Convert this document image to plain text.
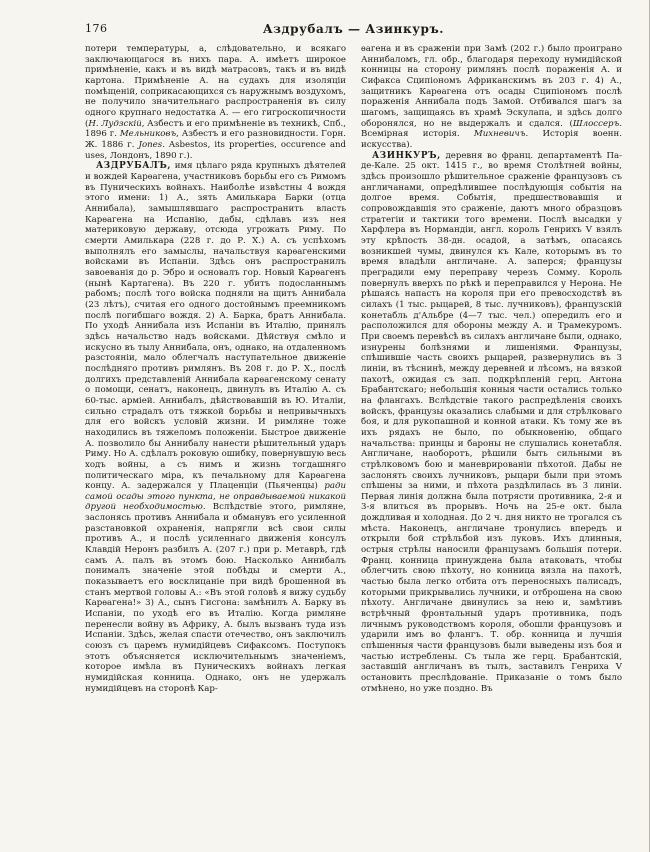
176	Аздрубалъ — Азинкуръ.

потери температуры, а, слѣдовательно, и всякаго заключающагося въ нихъ пара. А. имѣетъ широкое примѣненіе, какъ и въ видѣ матрасовъ, такъ и въ видѣ картона. Примѣненіе А. на судахъ для изоляціи помѣщеній, соприкасающихся съ наружнымъ воздухомъ, не получило значительнаго распространенія въ силу одного крупнаго недостатка А. — его гигроскопичности (Н. Лудзскій, Азбестъ и его примѣненіе въ техникѣ, Спб., 1896 г. Мельниковъ, Азбестъ и его разновидности. Горн. Ж. 1886 г. Jones. Asbestos, its properties, occurence and uses, Лондонъ, 1890 г.).

АЗДРУБАЛЪ, имя цѣлаго ряда крупныхъ дѣятелей и вождей Карѳагена, участниковъ борьбы его съ Римомъ въ Пуническихъ войнахъ. Наиболѣе извѣстны 4 вождя этого имени: 1) А., зять Амилькара Барки (отца Аннибала), замышлявшаго распространить власть Карѳагена на Испанію, дабы, сдѣлавъ изъ нея материковую державу, отсюда угрожать Риму. По смерти Амилькара (228 г. до Р. Х.) А. съ успѣхомъ выполнялъ его замыслы, начальствуя карѳагенскими войсками въ Испаніи. Здѣсь онъ распространилъ завоеванія до р. Эбро и основалъ гор. Новый Карѳагенъ (нынѣ Картагена). Въ 220 г. убитъ подосланнымъ рабомъ; послѣ того войска подняли на щитъ Аннибала (23 лѣтъ), считая его одного достойнымъ преемникомъ послѣ погибшаго вождя. 2) А. Барка, братъ Аннибала. По уходѣ Аннибала изъ Испаніи въ Италію, принялъ здѣсь начальство надъ войсками. Дѣйствуя смѣло и искусно въ тылу Аннибала, онъ, однако, на отдаленномъ разстояніи, мало облегчалъ наступательное движеніе послѣдняго противъ римлянъ. Въ 208 г. до Р. Х., послѣ долгихъ представленій Аннибала карѳагенскому сенату о помощи, сенатъ, наконецъ, двинулъ въ Италію А. съ 60-тыс. арміей. Аннибалъ, дѣйствовавшій въ Ю. Италіи, сильно страдалъ отъ тяжкой борьбы и непривычныхъ для его войскъ условій жизни. И римляне тоже находились въ тяжеломъ положеніи. Быстрое движеніе А. позволило бы Аннибалу нанести рѣшительный ударъ Риму. Но А. сдѣлалъ роковую ошибку, повернувшую весь ходъ войны, а съ нимъ и жизнь тогдашняго политическаго міра, къ печальному для Карѳагена концу. А. задержался у Плаценціи (Пьяченцы) ради самой осады этого пункта, не оправдываемой никакой другой необходимостью. Вслѣдствіе этого, римляне, заслонясь противъ Аннибала и обманувъ его усиленной разстановкой охраненія, напрягли всѣ свои силы противъ А., и послѣ усиленнаго движенія консулъ Клавдій Неронъ разбилъ А. (207 г.) при р. Метаврѣ, гдѣ самъ А. палъ въ этомъ бою. Насколько Аннибалъ понималъ значеніе этой побѣды и смерти А., показываетъ его восклицаніе при видѣ брошенной въ станъ мертвой головы А.: «Въ этой головѣ я вижу судьбу Карѳагена!» 3) А., сынъ Гисгона: замѣнилъ А. Барку въ Испаніи, по уходѣ его въ Италію. Когда римляне перенесли войну въ Африку, А. былъ вызванъ туда изъ Испаніи. Здѣсь, желая спасти отечество, онъ заключилъ союзъ съ царемъ нумидійцевъ Сифаксомъ. Поступокъ этотъ объясняется исключительнымъ значеніемъ, которое имѣла въ Пуническихъ войнахъ легкая нумидійская конница. Однако, онъ не удержалъ нумидійцевъ на сторонѣ Кар-

ѳагена и въ сраженіи при Замѣ (202 г.) было проиграно Аннибаломъ, гл. обр., благодаря переходу нумидійской конницы на сторону римлянъ послѣ пораженія А. и Сифакса Сципіономъ Африканскимъ въ 203 г. 4) А., защитникъ Карѳагена отъ осады Сципіономъ послѣ пораженія Аннибала подъ Замой. Отбивался шагъ за шагомъ, защищаясь въ храмѣ Эскулапа, и здѣсь долго оборонялся, но не выдержалъ и сдался. (Шлоссеръ. Всемірная исторія. Михневичъ. Исторія военн. искусства).

АЗИНКУРЪ, деревня во франц. департаментѣ Па-де-Кале. 25 окт. 1415 г., во время Столѣтней войны, здѣсь произошло рѣшительное сраженіе французовъ съ англичанами, опредѣлившее послѣдующія событія на долгое время. Событія, предшествовавшія и сопровождавшія это сраженіе, даютъ много образцовъ стратегіи и тактики того времени. Послѣ высадки у Харфлера въ Нормандіи, англ. король Генрихъ V взялъ эту крѣпость 38-дн. осадой, а затѣмъ, опасаясь возникшей чумы, двинулся къ Кале, которымъ въ то время владѣли англичане. А. заперся; французы преградили ему переправу черезъ Сомму. Король повернулъ вверхъ по рѣкѣ и переправился у Нерона. Не рѣшаясь напасть на короля при его превосходствѣ въ силахъ (1 тыс. рыцарей, 8 тыс. лучниковъ), французскій конетабль д'Альбре (4—7 тыс. чел.) опередилъ его и расположился для обороны между А. и Трамекуромъ. При своемъ перевѣсѣ въ силахъ англичане были, однако, изнурены болѣзнями и лишеніями. Французы, спѣшившіе часть своихъ рыцарей, развернулись въ 3 линіи, въ тѣснинѣ, между деревней и лѣсомъ, на вязкой пахотѣ, ожидая съ зап. подкрѣпленій герц. Антона Брабантскаго; небольшія конныя части остались только на флангахъ. Вслѣдствіе такого распредѣленія своихъ войскъ, французы оказались слабыми и для стрѣлковаго боя, и для рукопашной и конной атаки. Къ тому же въ ихъ рядахъ не было, по обыкновенію, общаго начальства: принцы и бароны не слушались конетабля. Англичане, наоборотъ, рѣшили быть сильными въ стрѣлковомъ бою и маневрированіи пѣхотой. Дабы не заслонять своихъ лучниковъ, рыцари были при этомъ спѣшены за ними, и пѣхота раздѣлилась въ 3 линіи. Первая линія должна была потрясти противника, 2-я и 3-я влиться въ прорывъ. Ночь на 25-е окт. была дождливая и холодная. До 2 ч. дня никто не трогался съ мѣста. Наконецъ, англичане тронулись впередъ и открыли бой стрѣльбой изъ луковъ. Ихъ длинныя, острыя стрѣлы наносили французамъ большія потери. Франц. конница принуждена была атаковать, чтобы облегчить свою пѣхоту, но конница вязла на пахотѣ, частью была легко отбита отъ переносныхъ палисадъ, которыми прикрывались лучники, и отброшена на свою пѣхоту. Англичане двинулись за нею и, замѣтивъ встрѣчный фронтальный ударъ противника, подъ личнымъ руководствомъ короля, обошли французовъ и ударили имъ во флангъ. Т. обр. конница и лучшія спѣшенныя части французовъ были выведены изъ боя и частью истреблены. Съ тыла же герц. Брабантскій, заставшій англичанъ въ тылъ, заставилъ Генриха V остановить преслѣдованіе. Приказаніе о томъ было отмѣнено, но уже поздно. Въ
